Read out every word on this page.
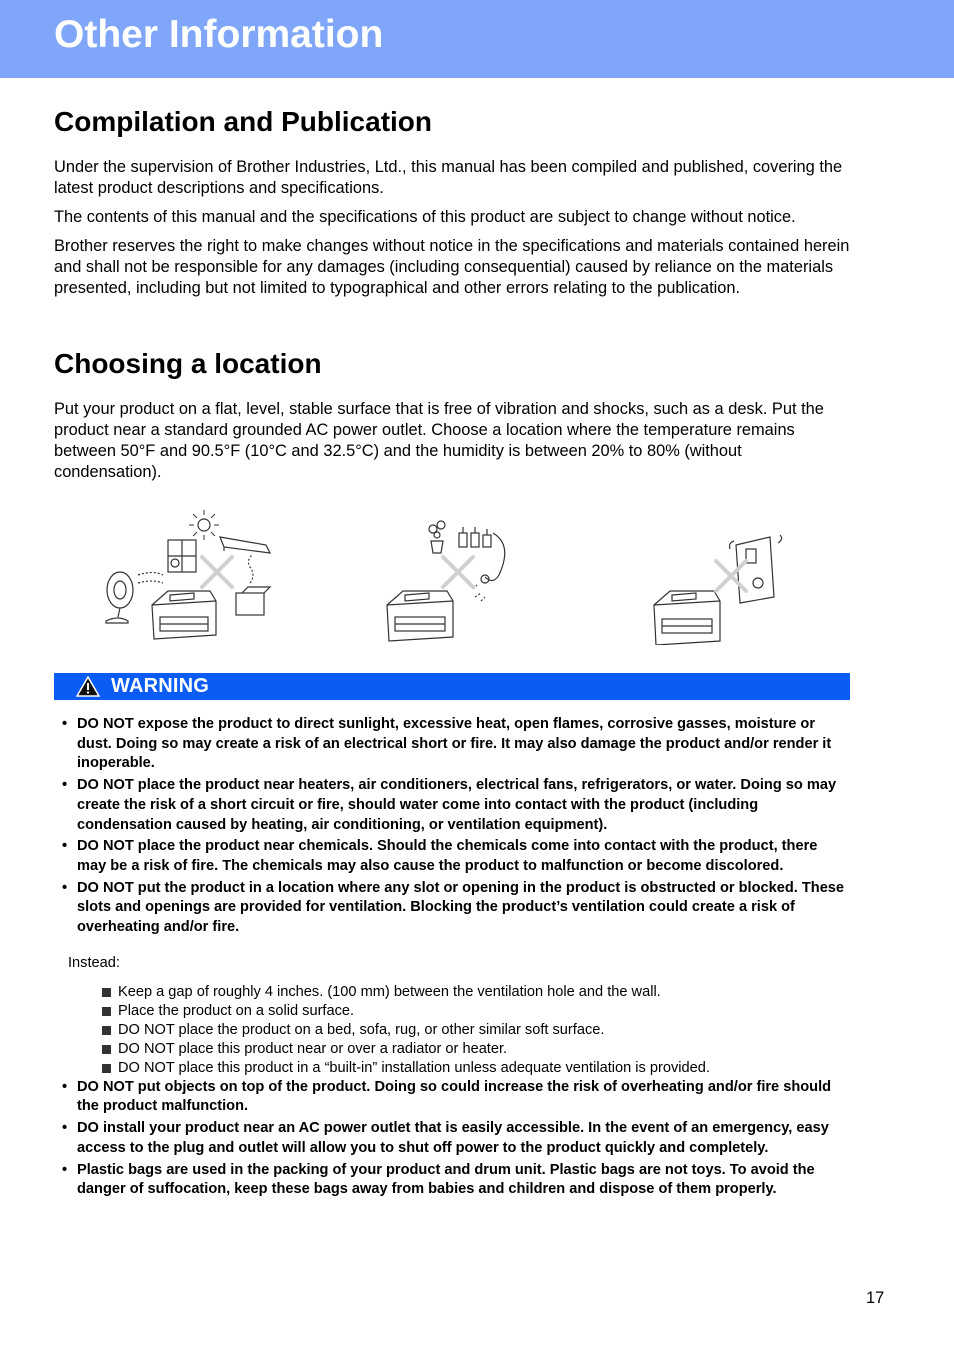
Other Information
Compilation and Publication

Under the supervision of Brother Industries, Ltd., this manual has been compiled and published, covering the latest product descriptions and specifications.

The contents of this manual and the specifications of this product are subject to change without notice.

Brother reserves the right to make changes without notice in the specifications and materials contained herein and shall not be responsible for any damages (including consequential) caused by reliance on the materials presented, including but not limited to typographical and other errors relating to the publication.

Choosing a location

Put your product on a flat, level, stable surface that is free of vibration and shocks, such as a desk. Put the product near a standard grounded AC power outlet. Choose a location where the temperature remains between 50°F and 90.5°F (10°C and 32.5°C) and the humidity is between 20% to 80% (without condensation).

WARNING
• DO NOT expose the product to direct sunlight, excessive heat, open flames, corrosive gasses, moisture or dust. Doing so may create a risk of an electrical short or fire. It may also damage the product and/or render it inoperable.
• DO NOT place the product near heaters, air conditioners, electrical fans, refrigerators, or water. Doing so may create the risk of a short circuit or fire, should water come into contact with the product (including condensation caused by heating, air conditioning, or ventilation equipment).
• DO NOT place the product near chemicals. Should the chemicals come into contact with the product, there may be a risk of fire. The chemicals may also cause the product to malfunction or become discolored.
• DO NOT put the product in a location where any slot or opening in the product is obstructed or blocked. These slots and openings are provided for ventilation. Blocking the product’s ventilation could create a risk of overheating and/or fire.
Instead:
Keep a gap of roughly 4 inches. (100 mm) between the ventilation hole and the wall.
Place the product on a solid surface.
DO NOT place the product on a bed, sofa, rug, or other similar soft surface.
DO NOT place this product near or over a radiator or heater.
DO NOT place this product in a “built-in” installation unless adequate ventilation is provided.
• DO NOT put objects on top of the product. Doing so could increase the risk of overheating and/or fire should the product malfunction.
• DO install your product near an AC power outlet that is easily accessible. In the event of an emergency, easy access to the plug and outlet will allow you to shut off power to the product quickly and completely.
• Plastic bags are used in the packing of your product and drum unit. Plastic bags are not toys. To avoid the danger of suffocation, keep these bags away from babies and children and dispose of them properly.
17
